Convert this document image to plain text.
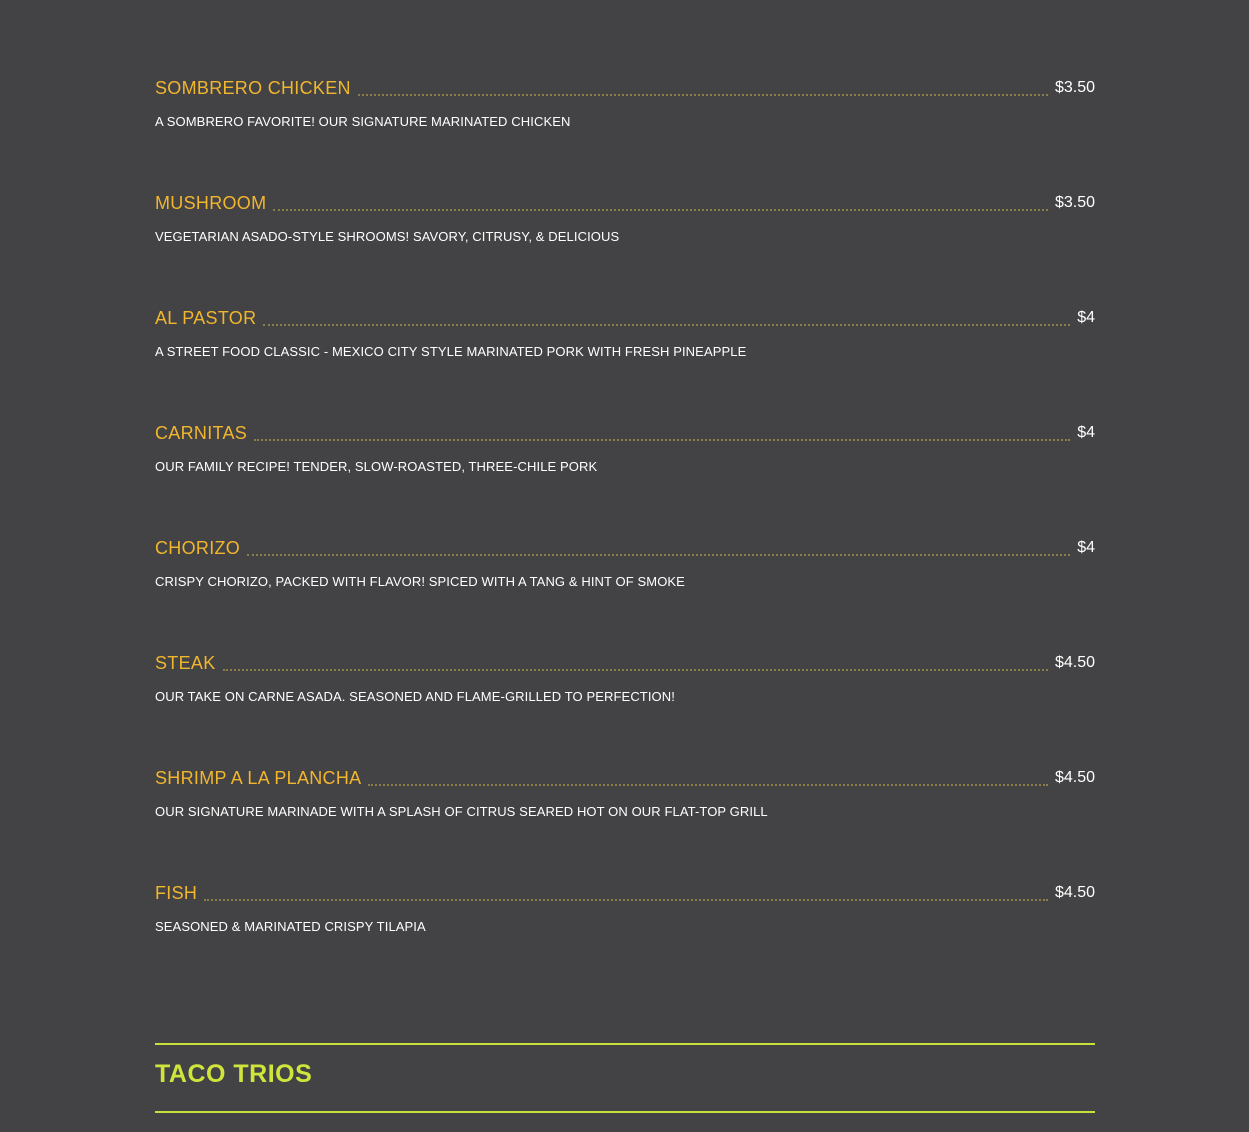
SOMBRERO CHICKEN	$3.50
A SOMBRERO FAVORITE! OUR SIGNATURE MARINATED CHICKEN
MUSHROOM	$3.50
VEGETARIAN ASADO-STYLE SHROOMS! SAVORY, CITRUSY, & DELICIOUS
AL PASTOR	$4
A STREET FOOD CLASSIC - MEXICO CITY STYLE MARINATED PORK WITH FRESH PINEAPPLE
CARNITAS	$4
OUR FAMILY RECIPE! TENDER, SLOW-ROASTED, THREE-CHILE PORK
CHORIZO	$4
CRISPY CHORIZO, PACKED WITH FLAVOR! SPICED WITH A TANG & HINT OF SMOKE
STEAK	$4.50
OUR TAKE ON CARNE ASADA. SEASONED AND FLAME-GRILLED TO PERFECTION!
SHRIMP A LA PLANCHA	$4.50
OUR SIGNATURE MARINADE WITH A SPLASH OF CITRUS SEARED HOT ON OUR FLAT-TOP GRILL
FISH	$4.50
SEASONED & MARINATED CRISPY TILAPIA
TACO TRIOS
